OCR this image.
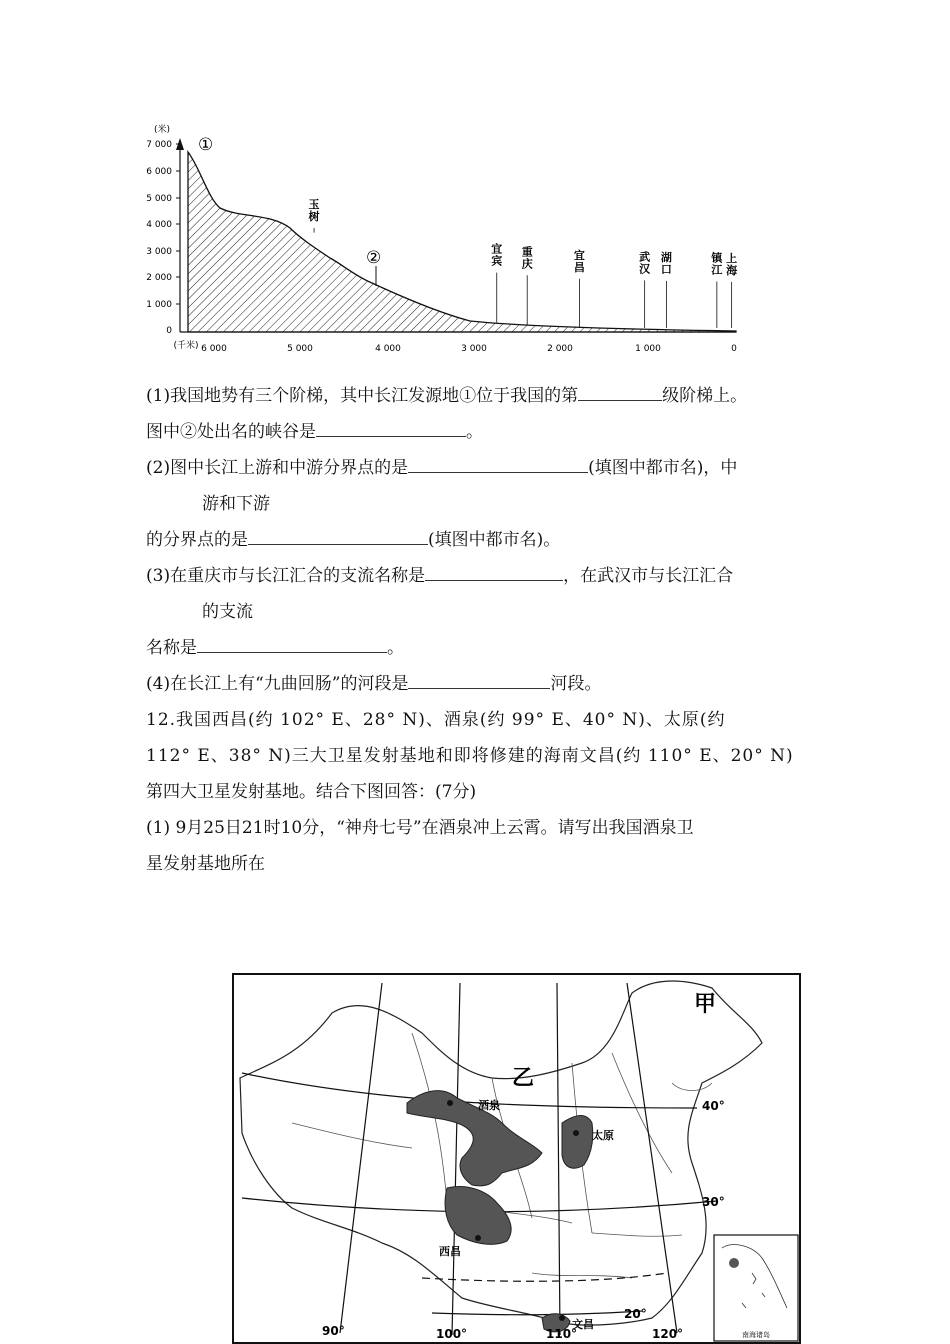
(米)
7 000
6 000
5 000
4 000
3 000
2 000
1 000
0
①
②
(千米) 6 000	5 000	4 000	3 000	2 000	1 000	0
玉
树
宜
宾
重
庆
宜
昌
武
汉
湖
口
镇
江
上
海

(1)我国地势有三个阶梯，其中长江发源地①位于我国的第	级阶梯上。

图中②处出名的峡谷是	。

(2)图中长江上游和中游分界点的是	(填图中都市名)，中

游和下游

的分界点的是	(填图中都市名)。

(3)在重庆市与长江汇合的支流名称是	，在武汉市与长江汇合

的支流

名称是	。

(4)在长江上有“九曲回肠”的河段是	河段。

12.我国西昌(约 102° E、28° N)、酒泉(约 99° E、40° N)、太原(约

112° E、38° N)三大卫星发射基地和即将修建的海南文昌(约 110° E、20° N)

第四大卫星发射基地。结合下图回答：(7分)

(1) 9月25日21时10分，“神舟七号”在酒泉冲上云霄。请写出我国酒泉卫

星发射基地所在

甲
乙
酒泉
太原
西昌
文昌
40°
30°
20°
90°	100°	110°	120°	南海诸岛
